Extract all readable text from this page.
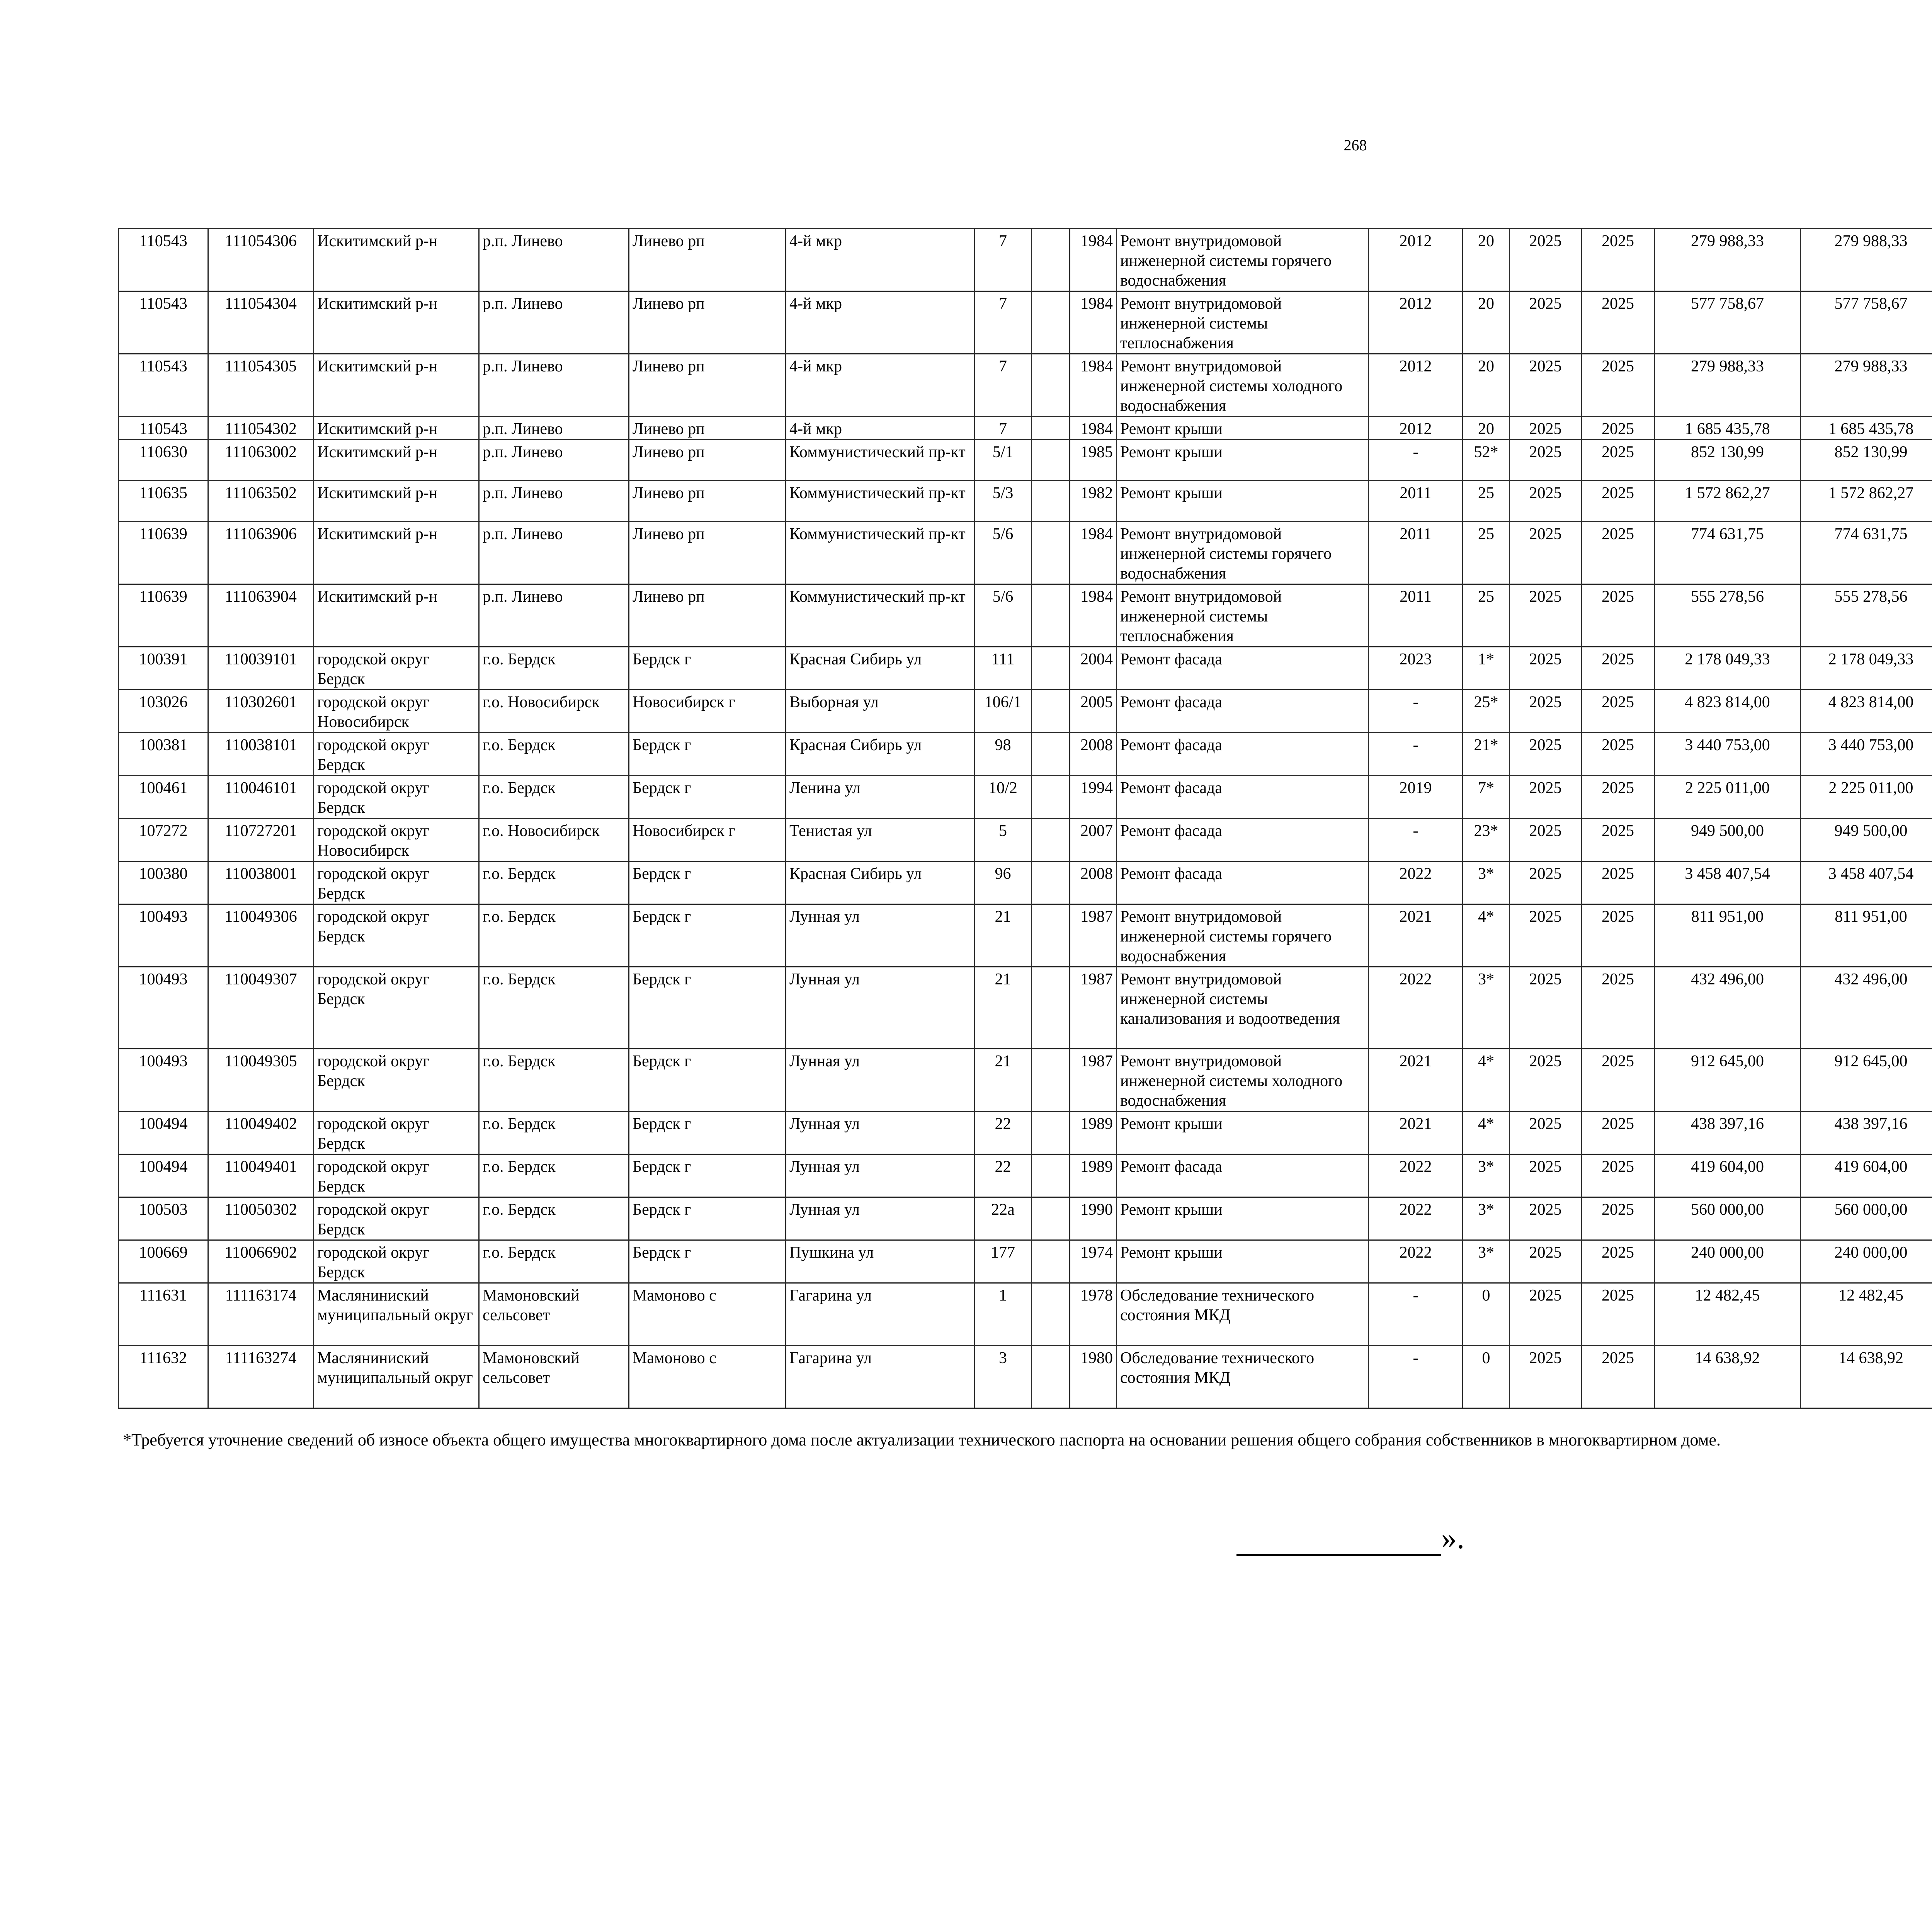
268
110543	111054306	Искитимский р-н	р.п. Линево	Линево рп	4-й мкр	7		1984	Ремонт внутридомовой инженерной системы горячего водоснабжения	2012	20	2025	2025	279 988,33	279 988,33						
110543	111054304	Искитимский р-н	р.п. Линево	Линево рп	4-й мкр	7		1984	Ремонт внутридомовой инженерной системы теплоснабжения	2012	20	2025	2025	577 758,67	577 758,67						
110543	111054305	Искитимский р-н	р.п. Линево	Линево рп	4-й мкр	7		1984	Ремонт внутридомовой инженерной системы холодного водоснабжения	2012	20	2025	2025	279 988,33	279 988,33						
110543	111054302	Искитимский р-н	р.п. Линево	Линево рп	4-й мкр	7		1984	Ремонт крыши	2012	20	2025	2025	1 685 435,78	1 685 435,78						
110630	111063002	Искитимский р-н	р.п. Линево	Линево рп	Коммунистический пр-кт	5/1		1985	Ремонт крыши	-	52*	2025	2025	852 130,99	852 130,99						
110635	111063502	Искитимский р-н	р.п. Линево	Линево рп	Коммунистический пр-кт	5/3		1982	Ремонт крыши	2011	25	2025	2025	1 572 862,27	1 572 862,27						
110639	111063906	Искитимский р-н	р.п. Линево	Линево рп	Коммунистический пр-кт	5/6		1984	Ремонт внутридомовой инженерной системы горячего водоснабжения	2011	25	2025	2025	774 631,75	774 631,75						
110639	111063904	Искитимский р-н	р.п. Линево	Линево рп	Коммунистический пр-кт	5/6		1984	Ремонт внутридомовой инженерной системы теплоснабжения	2011	25	2025	2025	555 278,56	555 278,56						
100391	110039101	городской округ Бердск	г.о. Бердск	Бердск г	Красная Сибирь ул	111		2004	Ремонт фасада	2023	1*	2025	2025	2 178 049,33	2 178 049,33						
103026	110302601	городской округ Новосибирск	г.о. Новосибирск	Новосибирск г	Выборная ул	106/1		2005	Ремонт фасада	-	25*	2025	2025	4 823 814,00	4 823 814,00						
100381	110038101	городской округ Бердск	г.о. Бердск	Бердск г	Красная Сибирь ул	98		2008	Ремонт фасада	-	21*	2025	2025	3 440 753,00	3 440 753,00						
100461	110046101	городской округ Бердск	г.о. Бердск	Бердск г	Ленина ул	10/2		1994	Ремонт фасада	2019	7*	2025	2025	2 225 011,00	2 225 011,00						
107272	110727201	городской округ Новосибирск	г.о. Новосибирск	Новосибирск г	Тенистая ул	5		2007	Ремонт фасада	-	23*	2025	2025	949 500,00	949 500,00						
100380	110038001	городской округ Бердск	г.о. Бердск	Бердск г	Красная Сибирь ул	96		2008	Ремонт фасада	2022	3*	2025	2025	3 458 407,54	3 458 407,54						
100493	110049306	городской округ Бердск	г.о. Бердск	Бердск г	Лунная ул	21		1987	Ремонт внутридомовой инженерной системы горячего водоснабжения	2021	4*	2025	2025	811 951,00	811 951,00						
100493	110049307	городской округ Бердск	г.о. Бердск	Бердск г	Лунная ул	21		1987	Ремонт внутридомовой инженерной системы канализования и водоотведения	2022	3*	2025	2025	432 496,00	432 496,00						
100493	110049305	городской округ Бердск	г.о. Бердск	Бердск г	Лунная ул	21		1987	Ремонт внутридомовой инженерной системы холодного водоснабжения	2021	4*	2025	2025	912 645,00	912 645,00						
100494	110049402	городской округ Бердск	г.о. Бердск	Бердск г	Лунная ул	22		1989	Ремонт крыши	2021	4*	2025	2025	438 397,16	438 397,16						
100494	110049401	городской округ Бердск	г.о. Бердск	Бердск г	Лунная ул	22		1989	Ремонт фасада	2022	3*	2025	2025	419 604,00	419 604,00						
100503	110050302	городской округ Бердск	г.о. Бердск	Бердск г	Лунная ул	22а		1990	Ремонт крыши	2022	3*	2025	2025	560 000,00	560 000,00						
100669	110066902	городской округ Бердск	г.о. Бердск	Бердск г	Пушкина ул	177		1974	Ремонт крыши	2022	3*	2025	2025	240 000,00	240 000,00						
111631	111163174	Масляниниский муниципальный округ	Мамоновский сельсовет	Мамоново с	Гагарина ул	1		1978	Обследование технического состояния МКД	-	0	2025	2025	12 482,45	12 482,45						
111632	111163274	Масляниниский муниципальный округ	Мамоновский сельсовет	Мамоново с	Гагарина ул	3		1980	Обследование технического состояния МКД	-	0	2025	2025	14 638,92	14 638,92						
*Требуется уточнение сведений об износе объекта общего имущества многоквартирного дома после актуализации технического паспорта на основании решения общего собрания собственников в многоквартирном доме.
».
